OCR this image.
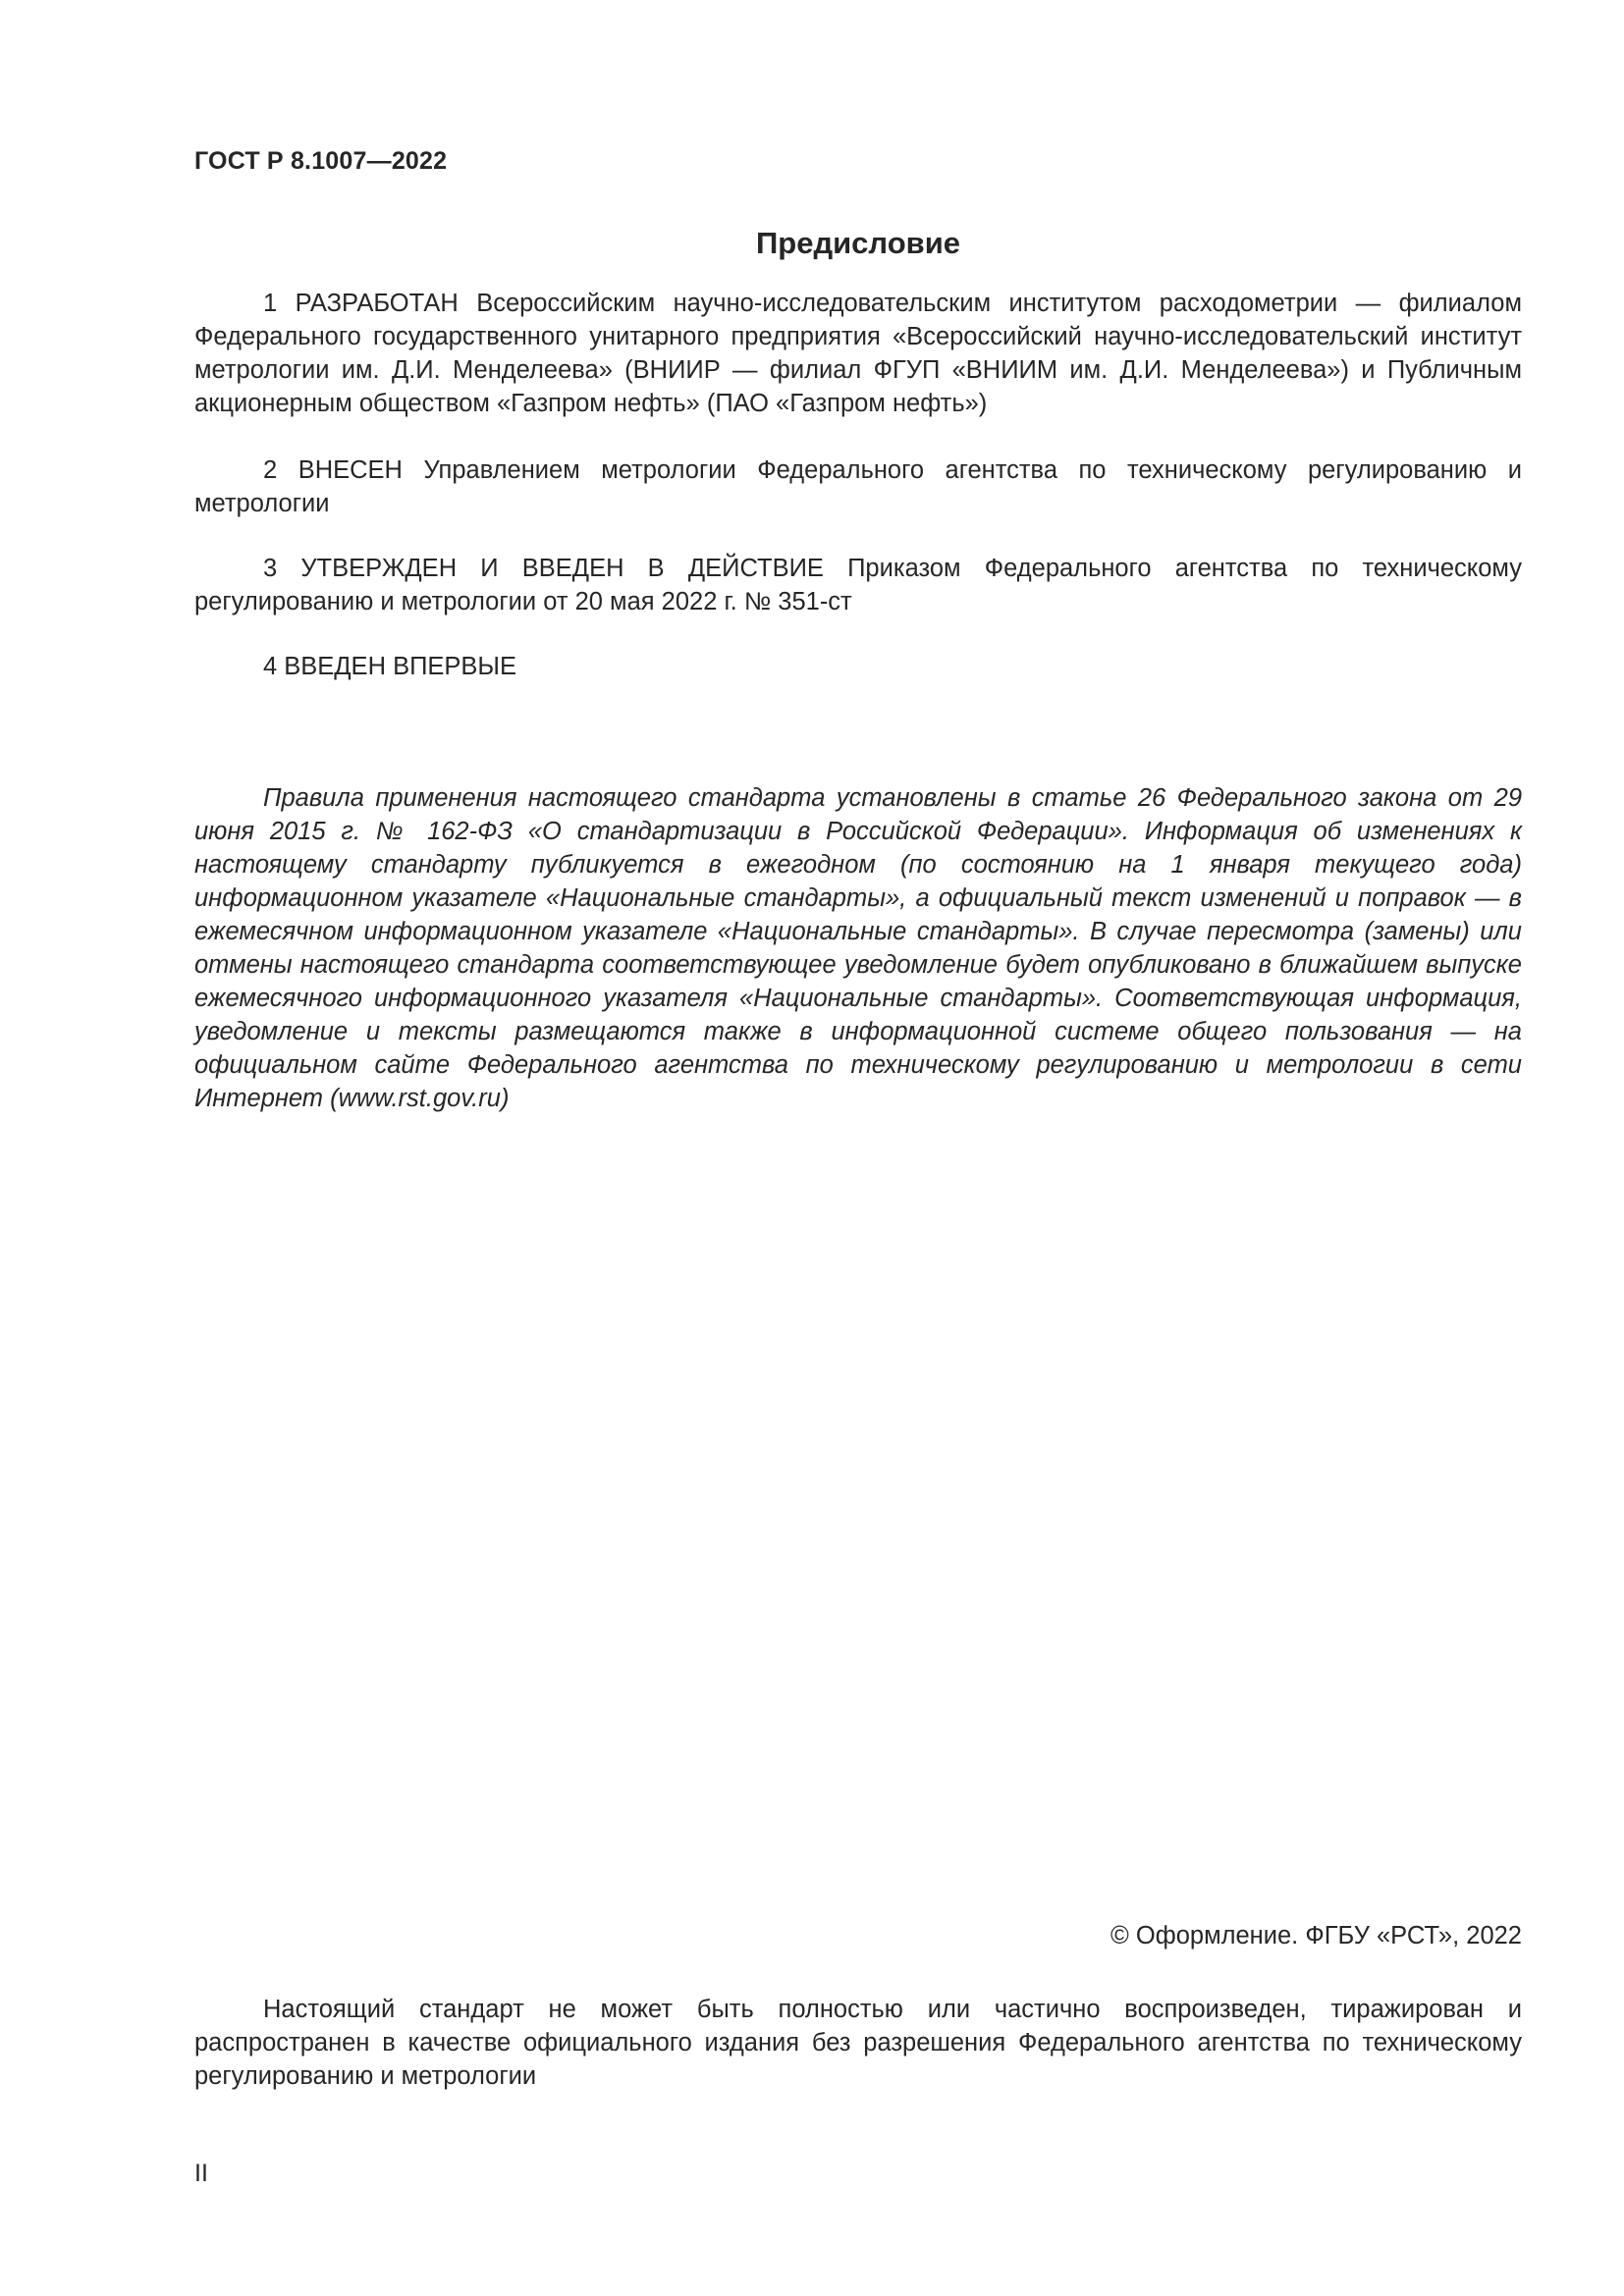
ГОСТ Р 8.1007—2022
Предисловие

1 РАЗРАБОТАН Всероссийским научно-исследовательским институтом расходометрии — филиалом Федерального государственного унитарного предприятия «Всероссийский научно-исследовательский институт метрологии им. Д.И. Менделеева» (ВНИИР — филиал ФГУП «ВНИИМ им. Д.И. Менделеева») и Публичным акционерным обществом «Газпром нефть» (ПАО «Газпром нефть»)

2 ВНЕСЕН Управлением метрологии Федерального агентства по техническому регулированию и метрологии

3 УТВЕРЖДЕН И ВВЕДЕН В ДЕЙСТВИЕ Приказом Федерального агентства по техническому регулированию и метрологии от 20 мая 2022 г. № 351-ст

4 ВВЕДЕН ВПЕРВЫЕ

Правила применения настоящего стандарта установлены в статье 26 Федерального закона от 29 июня 2015 г. № 162-ФЗ «О стандартизации в Российской Федерации». Информация об изменениях к настоящему стандарту публикуется в ежегодном (по состоянию на 1 января текущего года) информационном указателе «Национальные стандарты», а официальный текст изменений и поправок — в ежемесячном информационном указателе «Национальные стандарты». В случае пересмотра (замены) или отмены настоящего стандарта соответствующее уведомление будет опубликовано в ближайшем выпуске ежемесячного информационного указателя «Национальные стандарты». Соответствующая информация, уведомление и тексты размещаются также в информационной системе общего пользования — на официальном сайте Федерального агентства по техническому регулированию и метрологии в сети Интернет (www.rst.gov.ru)

© Оформление. ФГБУ «РСТ», 2022

Настоящий стандарт не может быть полностью или частично воспроизведен, тиражирован и распространен в качестве официального издания без разрешения Федерального агентства по техническому регулированию и метрологии

II
